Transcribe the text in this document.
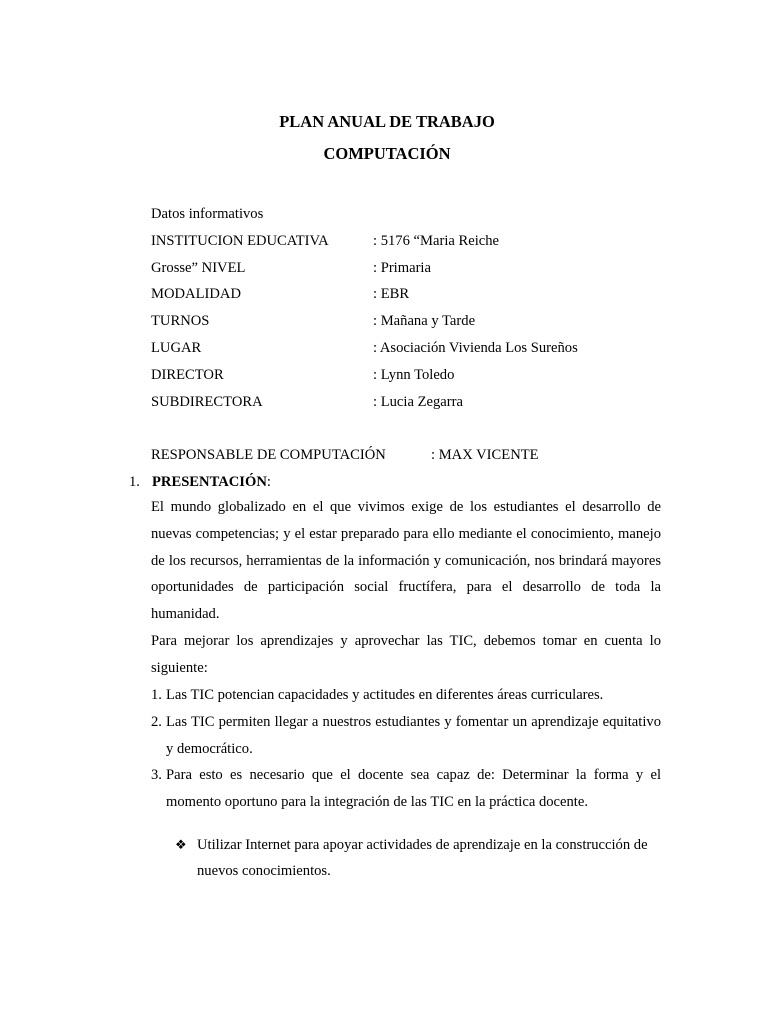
PLAN ANUAL DE TRABAJO
COMPUTACIÓN
Datos informativos
INSTITUCION EDUCATIVA	: 5176 “Maria Reiche
Grosse” NIVEL	: Primaria
MODALIDAD	: EBR
TURNOS	: Mañana y Tarde
LUGAR	: Asociación Vivienda Los Sureños
DIRECTOR	: Lynn Toledo
SUBDIRECTORA	: Lucia Zegarra
RESPONSABLE DE COMPUTACIÓN	: MAX VICENTE
1. PRESENTACIÓN:

El mundo globalizado en el que vivimos exige de los estudiantes el desarrollo de nuevas competencias; y el estar preparado para ello mediante el conocimiento, manejo de los recursos, herramientas de la información y comunicación, nos brindará mayores oportunidades de participación social fructífera, para el desarrollo de toda la humanidad.

Para mejorar los aprendizajes y aprovechar las TIC, debemos tomar en cuenta lo siguiente:

1. Las TIC potencian capacidades y actitudes en diferentes áreas curriculares.
2. Las TIC permiten llegar a nuestros estudiantes y fomentar un aprendizaje equitativo y democrático.
3. Para esto es necesario que el docente sea capaz de: Determinar la forma y el momento oportuno para la integración de las TIC en la práctica docente.
❖ Utilizar Internet para apoyar actividades de aprendizaje en la construcción de nuevos conocimientos.
